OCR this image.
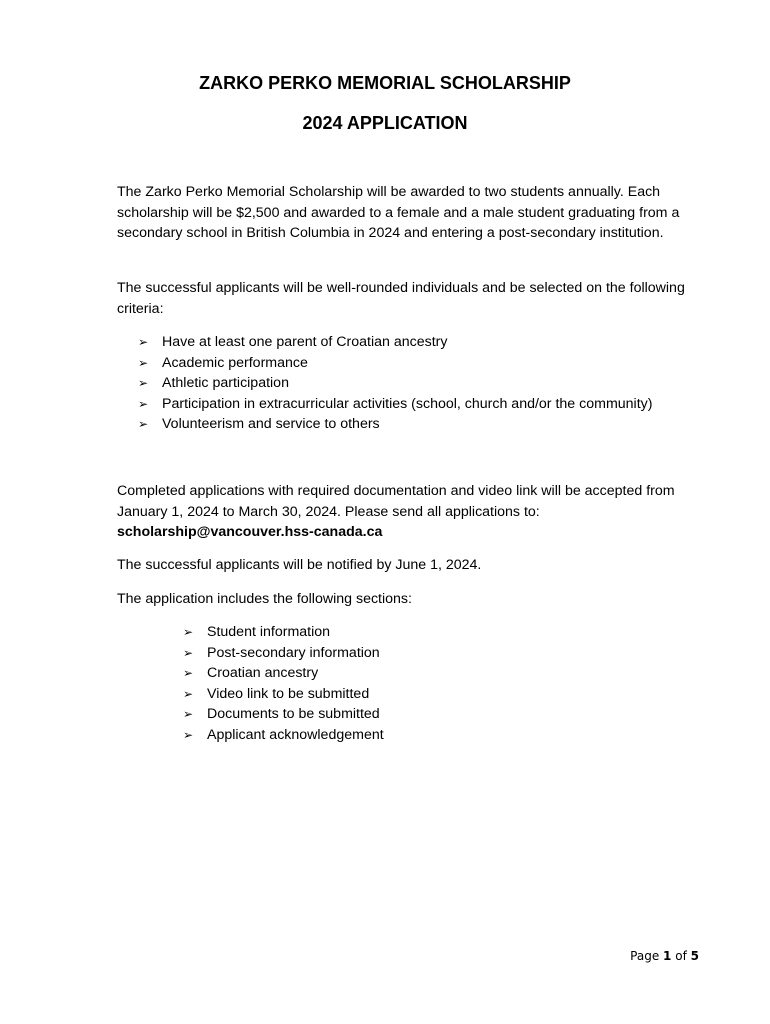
ZARKO PERKO MEMORIAL SCHOLARSHIP
2024 APPLICATION

The Zarko Perko Memorial Scholarship will be awarded to two students annually. Each scholarship will be $2,500 and awarded to a female and a male student graduating from a secondary school in British Columbia in 2024 and entering a post-secondary institution.

The successful applicants will be well-rounded individuals and be selected on the following criteria:

➢ Have at least one parent of Croatian ancestry
➢ Academic performance
➢ Athletic participation
➢ Participation in extracurricular activities (school, church and/or the community)
➢ Volunteerism and service to others

Completed applications with required documentation and video link will be accepted from January 1, 2024 to March 30, 2024. Please send all applications to:
scholarship@vancouver.hss-canada.ca

The successful applicants will be notified by June 1, 2024.

The application includes the following sections:

➢ Student information
➢ Post-secondary information
➢ Croatian ancestry
➢ Video link to be submitted
➢ Documents to be submitted
➢ Applicant acknowledgement
Page 1 of 5
